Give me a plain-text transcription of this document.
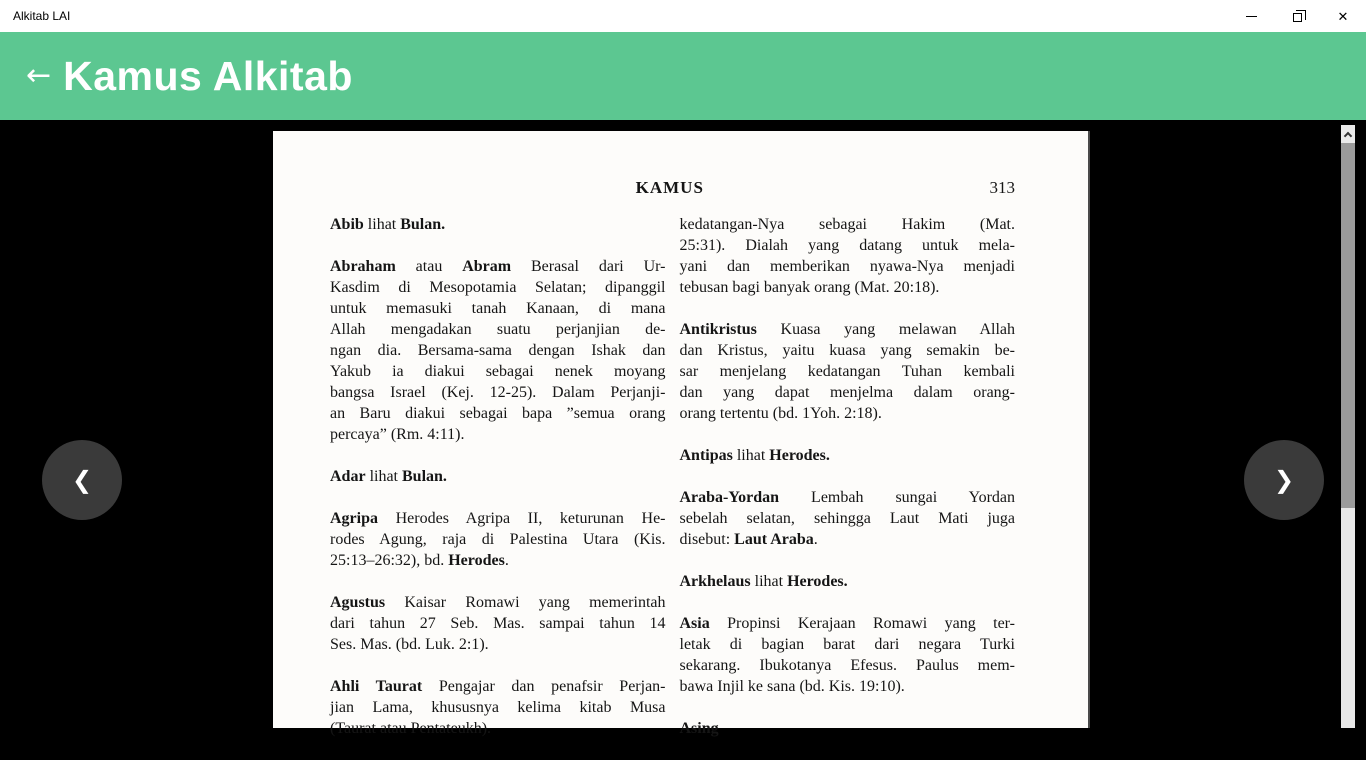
Alkitab LAI	✕
← Kamus Alkitab
KAMUS	313
Abib lihat Bulan.
Abraham atau Abram Berasal dari Ur-
Kasdim di Mesopotamia Selatan; dipanggil
untuk memasuki tanah Kanaan, di mana
Allah mengadakan suatu perjanjian de-
ngan dia. Bersama-sama dengan Ishak dan
Yakub ia diakui sebagai nenek moyang
bangsa Israel (Kej. 12-25). Dalam Perjanji-
an Baru diakui sebagai bapa ”semua orang
percaya” (Rm. 4:11).
Adar lihat Bulan.
Agripa Herodes Agripa II, keturunan He-
rodes Agung, raja di Palestina Utara (Kis.
25:13–26:32), bd. Herodes.
Agustus Kaisar Romawi yang memerintah
dari tahun 27 Seb. Mas. sampai tahun 14
Ses. Mas. (bd. Luk. 2:1).
Ahli Taurat Pengajar dan penafsir Perjan-
jian Lama, khususnya kelima kitab Musa
(Taurat atau Pentateukh).
kedatangan-Nya sebagai Hakim (Mat.
25:31). Dialah yang datang untuk mela-
yani dan memberikan nyawa-Nya menjadi
tebusan bagi banyak orang (Mat. 20:18).
Antikristus Kuasa yang melawan Allah
dan Kristus, yaitu kuasa yang semakin be-
sar menjelang kedatangan Tuhan kembali
dan yang dapat menjelma dalam orang-
orang tertentu (bd. 1Yoh. 2:18).
Antipas lihat Herodes.
Araba-Yordan Lembah sungai Yordan
sebelah selatan, sehingga Laut Mati juga
disebut: Laut Araba.
Arkhelaus lihat Herodes.
Asia Propinsi Kerajaan Romawi yang ter-
letak di bagian barat dari negara Turki
sekarang. Ibukotanya Efesus. Paulus mem-
bawa Injil ke sana (bd. Kis. 19:10).
Asing
❮	❯
